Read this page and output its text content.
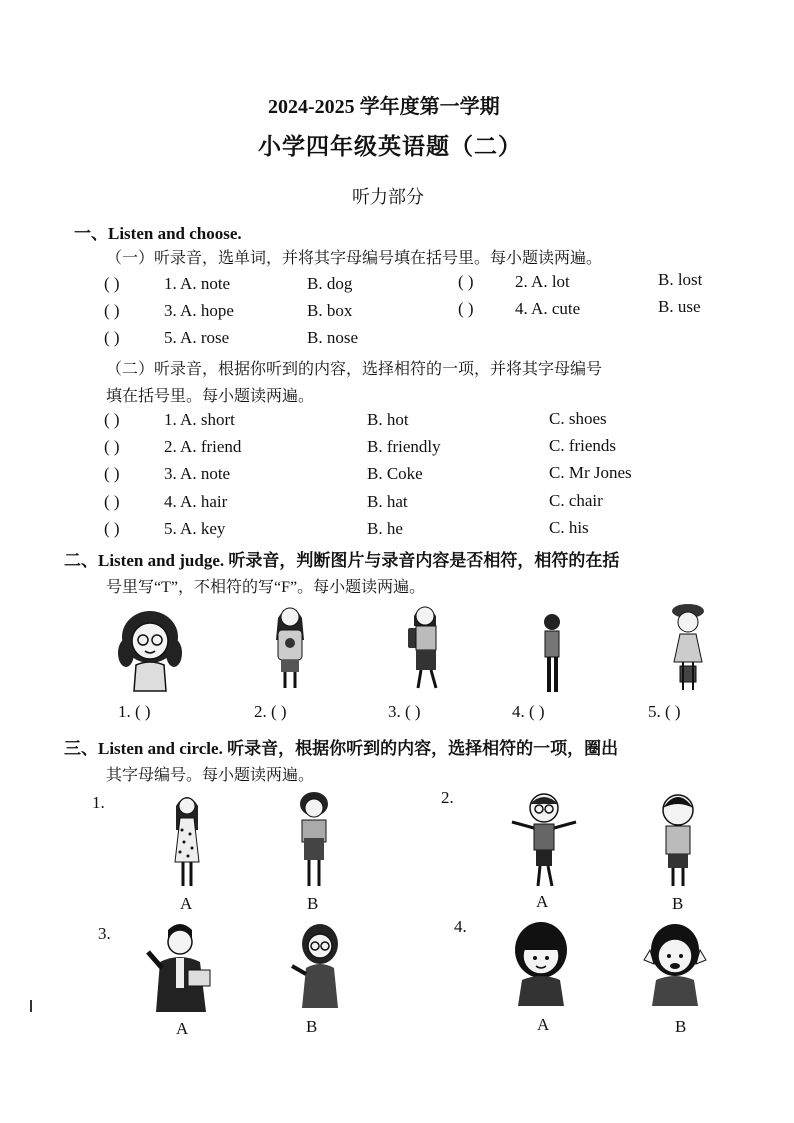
2024-2025 学年度第一学期
小学四年级英语题（二）
听力部分
一、Listen and choose.
（一）听录音，选单词，并将其字母编号填在括号里。每小题读两遍。
( )	1. A. note	B. dog	( ) 2. A. lot	B. lost
( )	3. A. hope	B. box	( ) 4. A. cute	B. use
( )	5. A. rose	B. nose
（二）听录音，根据你听到的内容，选择相符的一项，并将其字母编号
填在括号里。每小题读两遍。
( )	1. A. short	B. hot	C. shoes
( )	2. A. friend	B. friendly	C. friends
( )	3. A. note	B. Coke	C. Mr Jones
( )	4. A. hair	B. hat	C. chair
( )	5. A. key	B. he	C. his
二、Listen and judge. 听录音，判断图片与录音内容是否相符，相符的在括
号里写“T”，不相符的写“F”。每小题读两遍。
1. ( )	2. ( )	3. ( )	4. ( )	5. ( )
三、Listen and circle. 听录音，根据你听到的内容，选择相符的一项，圈出
其字母编号。每小题读两遍。
1.
A	B
2.
A	B
3.
A	B
4.
A	B
